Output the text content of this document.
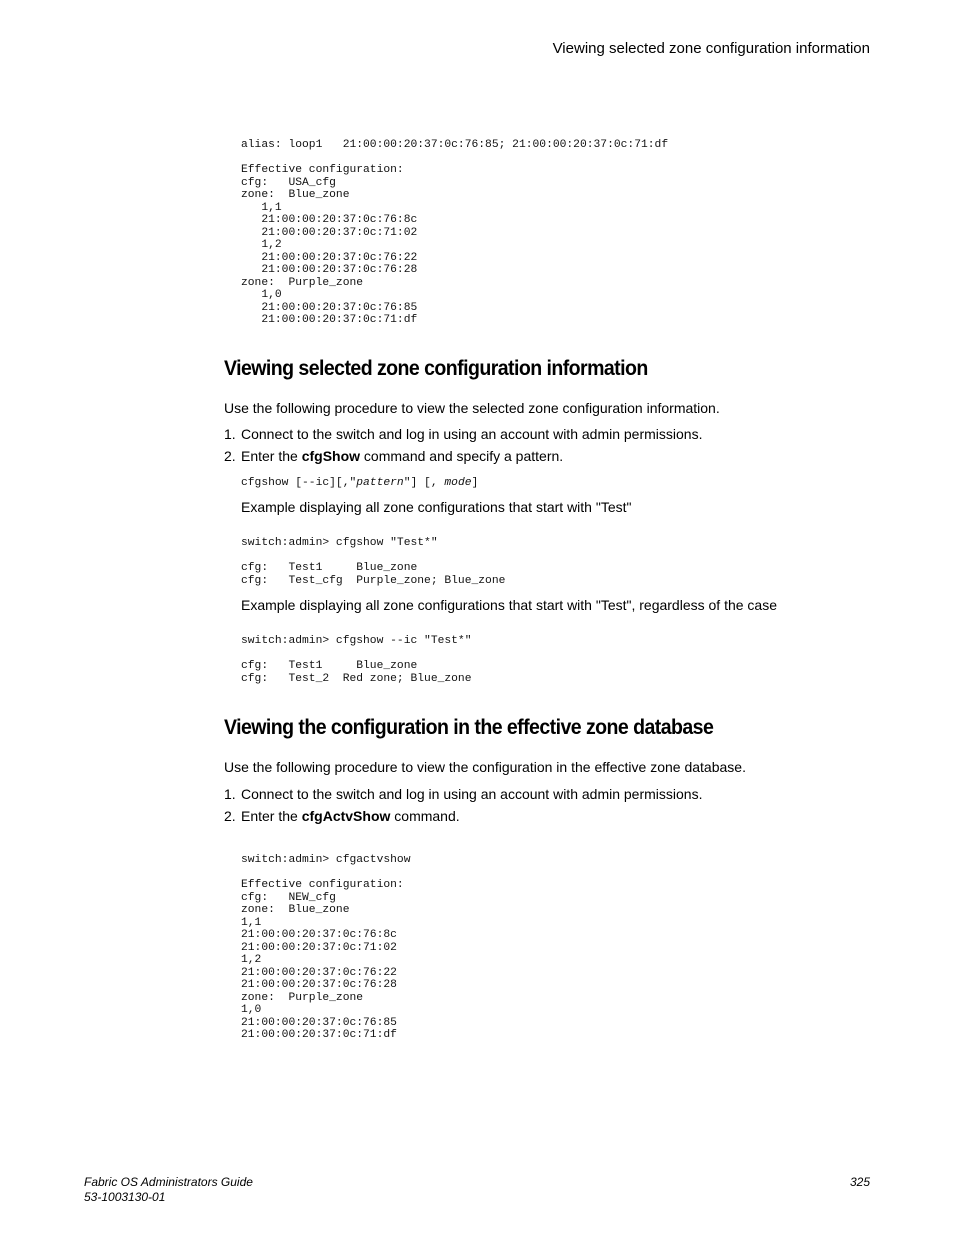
Viewing selected zone configuration information
alias: loop1   21:00:00:20:37:0c:76:85; 21:00:00:20:37:0c:71:df

Effective configuration:
cfg:   USA_cfg
zone:  Blue_zone
1,1
21:00:00:20:37:0c:76:8c
21:00:00:20:37:0c:71:02
1,2
21:00:00:20:37:0c:76:22
21:00:00:20:37:0c:76:28
zone:  Purple_zone
1,0
21:00:00:20:37:0c:76:85
21:00:00:20:37:0c:71:df
Viewing selected zone configuration information

Use the following procedure to view the selected zone configuration information.

1. Connect to the switch and log in using an account with admin permissions.
2. Enter the cfgShow command and specify a pattern.
cfgshow [--ic][,"pattern"] [, mode]

Example displaying all zone configurations that start with "Test"

switch:admin> cfgshow "Test*"

cfg:   Test1     Blue_zone
cfg:   Test_cfg  Purple_zone; Blue_zone

Example displaying all zone configurations that start with "Test", regardless of the case

switch:admin> cfgshow --ic "Test*"

cfg:   Test1     Blue_zone
cfg:   Test_2  Red zone; Blue_zone
Viewing the configuration in the effective zone database

Use the following procedure to view the configuration in the effective zone database.

1. Connect to the switch and log in using an account with admin permissions.
2. Enter the cfgActvShow command.
switch:admin> cfgactvshow

Effective configuration:
cfg:   NEW_cfg
zone:  Blue_zone
1,1
21:00:00:20:37:0c:76:8c
21:00:00:20:37:0c:71:02
1,2
21:00:00:20:37:0c:76:22
21:00:00:20:37:0c:76:28
zone:  Purple_zone
1,0
21:00:00:20:37:0c:76:85
21:00:00:20:37:0c:71:df
Fabric OS Administrators Guide
53-1003130-01
325
